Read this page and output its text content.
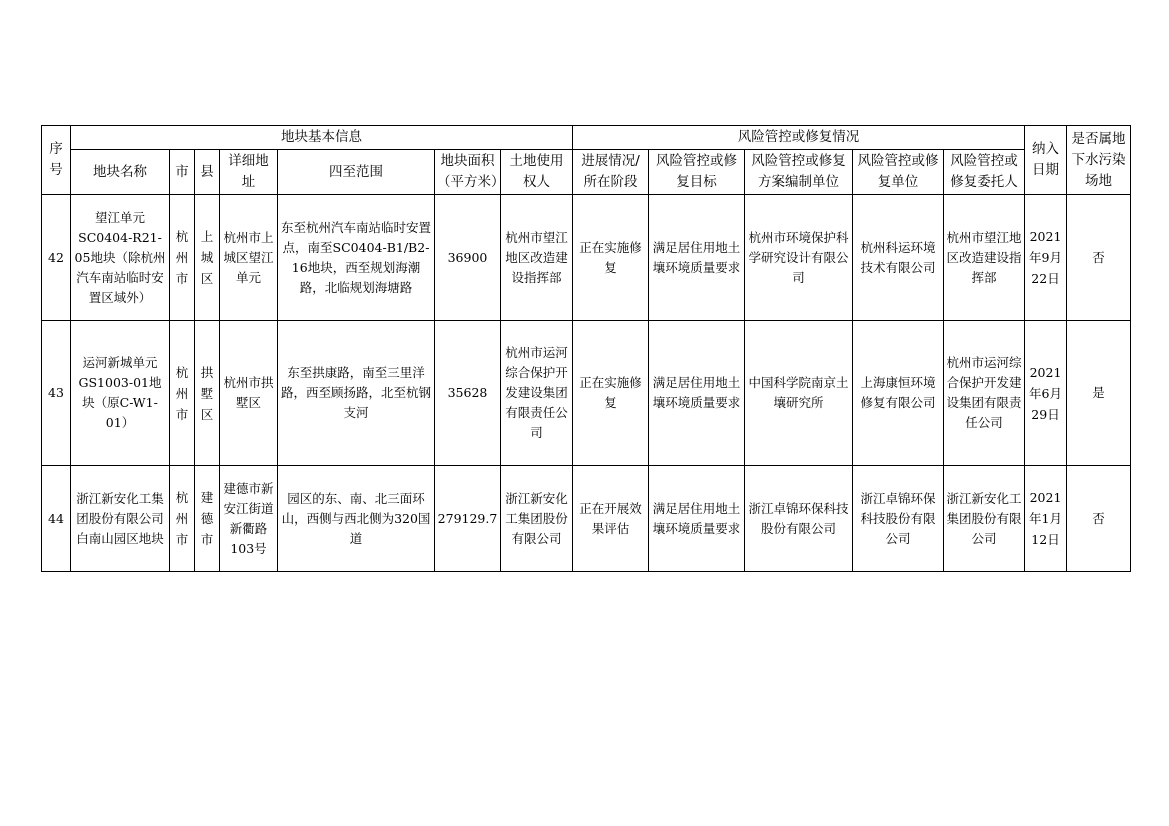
序号	地块基本信息							风险管控或修复情况					纳入日期	是否属地下水污染场地
	地块名称	市	县	详细地址	四至范围	地块面积（平方米）	土地使用权人	进展情况/所在阶段	风险管控或修复目标	风险管控或修复方案编制单位	风险管控或修复单位	风险管控或修复委托人		
42	望江单元SC0404-R21-05地块（除杭州汽车南站临时安置区域外）	杭州市	上城区	杭州市上城区望江单元	东至杭州汽车南站临时安置点，南至SC0404-B1/B2-16地块，西至规划海潮路，北临规划海塘路	36900	杭州市望江地区改造建设指挥部	正在实施修复	满足居住用地土壤环境质量要求	杭州市环境保护科学研究设计有限公司	杭州科运环境技术有限公司	杭州市望江地区改造建设指挥部	2021年9月22日	否
43	运河新城单元GS1003-01地块（原C-W1-01）	杭州市	拱墅区	杭州市拱墅区	东至拱康路，南至三里洋路，西至顾扬路，北至杭钢支河	35628	杭州市运河综合保护开发建设集团有限责任公司	正在实施修复	满足居住用地土壤环境质量要求	中国科学院南京土壤研究所	上海康恒环境修复有限公司	杭州市运河综合保护开发建设集团有限责任公司	2021年6月29日	是
44	浙江新安化工集团股份有限公司白南山园区地块	杭州市	建德市	建德市新安江街道新衢路103号	园区的东、南、北三面环山，西侧与西北侧为320国道	279129.7	浙江新安化工集团股份有限公司	正在开展效果评估	满足居住用地土壤环境质量要求	浙江卓锦环保科技股份有限公司	浙江卓锦环保科技股份有限公司	浙江新安化工集团股份有限公司	2021年1月12日	否
